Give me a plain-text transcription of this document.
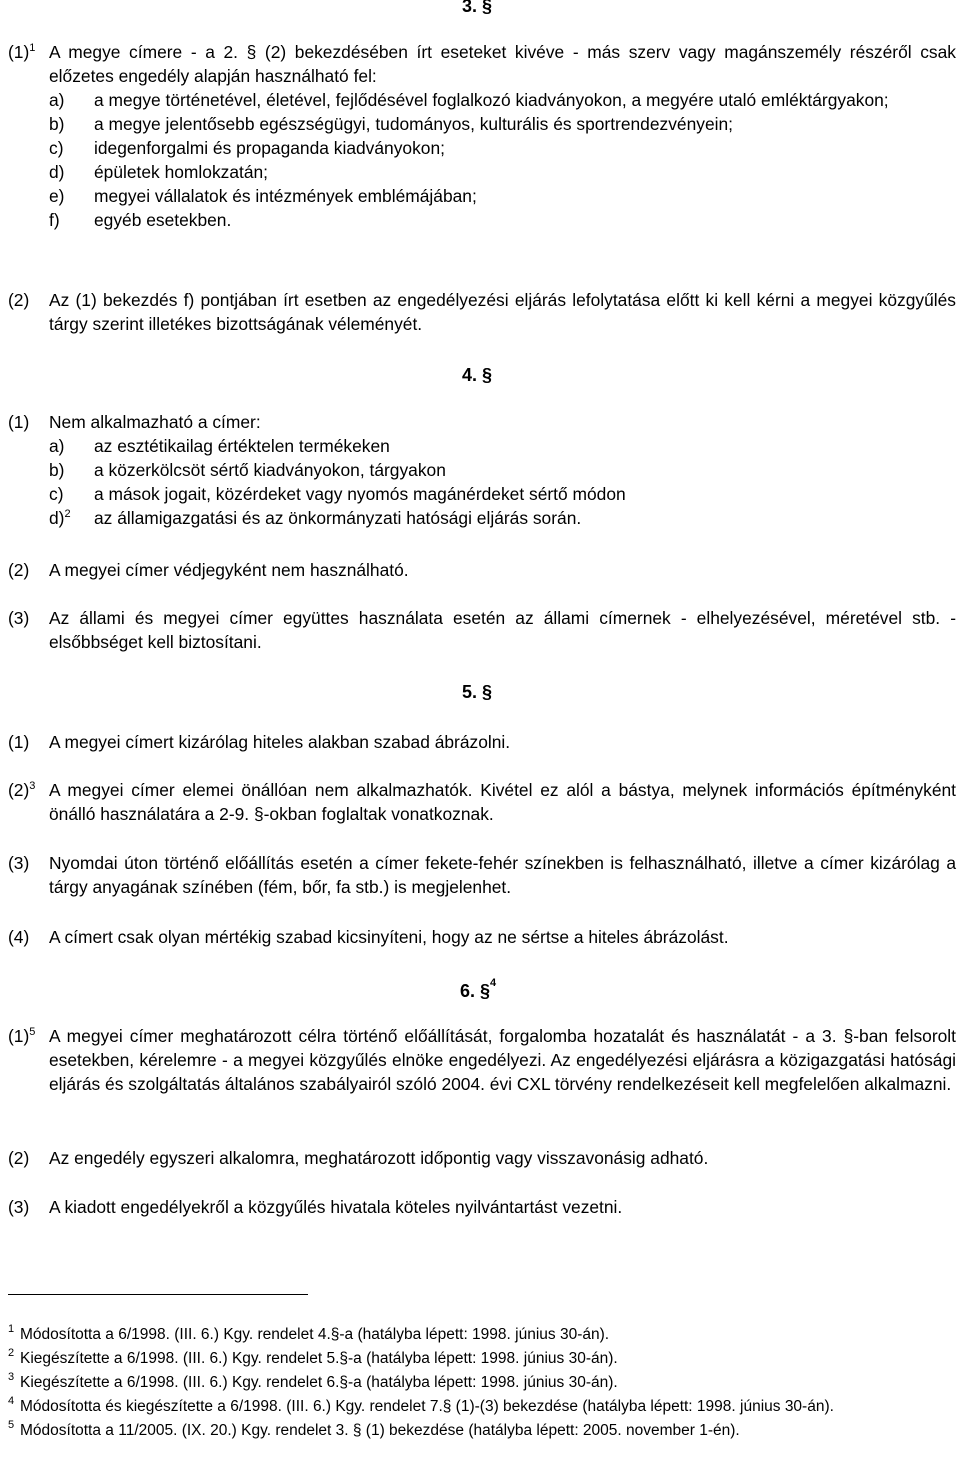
3. §
$(1)^1$ A megye címere - a 2. § (2) bekezdésében írt eseteket kivéve - más szerv vagy magánszemély részéről csak előzetes engedély alapján használható fel:
a) a megye történetével, életével, fejlődésével foglalkozó kiadványokon, a megyére utaló emléktárgyakon;
b) a megye jelentősebb egészségügyi, tudományos, kulturális és sportrendezvényein;
c) idegenforgalmi és propaganda kiadványokon;
d) épületek homlokzatán;
e) megyei vállalatok és intézmények emblémájában;
f) egyéb esetekben.
(2) Az (1) bekezdés f) pontjában írt esetben az engedélyezési eljárás lefolytatása előtt ki kell kérni a megyei közgyűlés tárgy szerint illetékes bizottságának véleményét.
4. §
(1) Nem alkalmazható a címer:
a) az esztétikailag értéktelen termékeken
b) a közerkölcsöt sértő kiadványokon, tárgyakon
c) a mások jogait, közérdeket vagy nyomós magánérdeket sértő módon
d)$^2$ az államigazgatási és az önkormányzati hatósági eljárás során.
(2) A megyei címer védjegyként nem használható.
(3) Az állami és megyei címer együttes használata esetén az állami címernek - elhelyezésével, méretével stb. - elsőbbséget kell biztosítani.
5. §
(1) A megyei címert kizárólag hiteles alakban szabad ábrázolni.
$(2)^3$ A megyei címer elemei önállóan nem alkalmazhatók. Kivétel ez alól a bástya, melynek információs építményként önálló használatára a 2-9. §-okban foglaltak vonatkoznak.
(3) Nyomdai úton történő előállítás esetén a címer fekete-fehér színekben is felhasználható, illetve a címer kizárólag a tárgy anyagának színében (fém, bőr, fa stb.) is megjelenhet.
(4) A címert csak olyan mértékig szabad kicsinyíteni, hogy az ne sértse a hiteles ábrázolást.
6. §$^4$
$(1)^5$ A megyei címer meghatározott célra történő előállítását, forgalomba hozatalát és használatát - a 3. §-ban felsorolt esetekben, kérelemre - a megyei közgyűlés elnöke engedélyezi. Az engedélyezési eljárásra a közigazgatási hatósági eljárás és szolgáltatás általános szabályairól szóló 2004. évi CXL törvény rendelkezéseit kell megfelelően alkalmazni.
(2) Az engedély egyszeri alkalomra, meghatározott időpontig vagy visszavonásig adható.
(3) A kiadott engedélyekről a közgyűlés hivatala köteles nyilvántartást vezetni.
1 Módosította a 6/1998. (III. 6.) Kgy. rendelet 4.§-a (hatályba lépett: 1998. június 30-án).
2 Kiegészítette a 6/1998. (III. 6.) Kgy. rendelet 5.§-a (hatályba lépett: 1998. június 30-án).
3 Kiegészítette a 6/1998. (III. 6.) Kgy. rendelet 6.§-a (hatályba lépett: 1998. június 30-án).
4 Módosította és kiegészítette a 6/1998. (III. 6.) Kgy. rendelet 7.§ (1)-(3) bekezdése (hatályba lépett: 1998. június 30-án).
5 Módosította a 11/2005. (IX. 20.) Kgy. rendelet 3. § (1) bekezdése (hatályba lépett: 2005. november 1-én).
